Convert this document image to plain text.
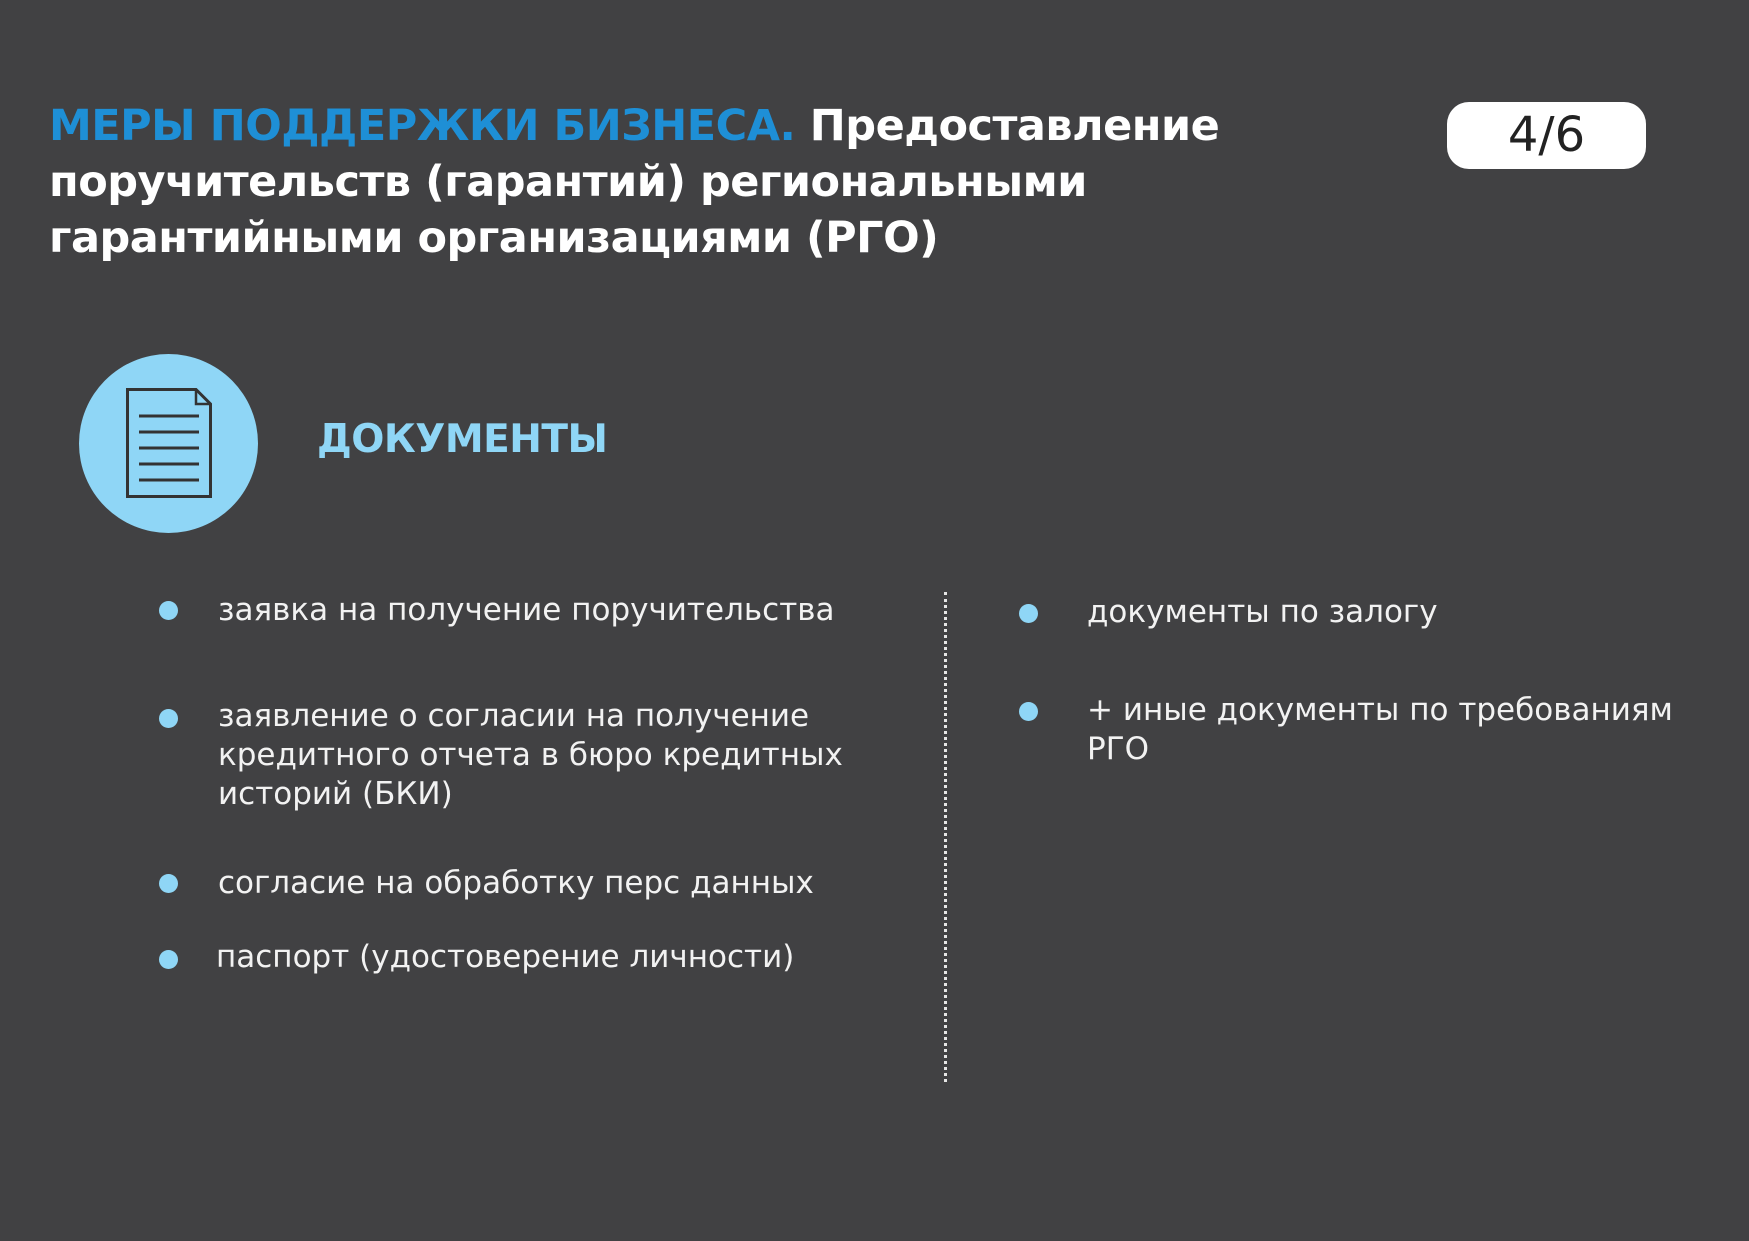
МЕРЫ ПОДДЕРЖКИ БИЗНЕСА. Предоставление
поручительств (гарантий) региональными
гарантийными организациями (РГО)
4/6
ДОКУМЕНТЫ
заявка на получение поручительства
заявление о согласии на получение
кредитного отчета в бюро кредитных
историй (БКИ)
согласие на обработку перс данных
паспорт (удостоверение личности)
документы по залогу
+ иные документы по требованиям
РГО
